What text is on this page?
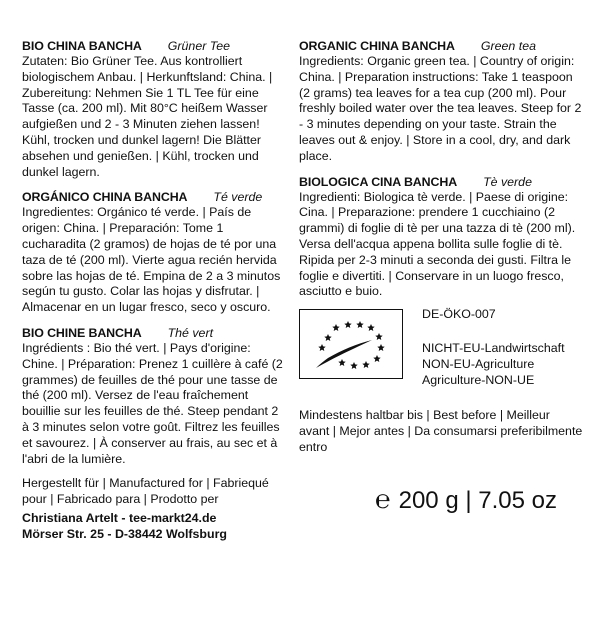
BIO CHINA BANCHA Grüner Tee

Zutaten: Bio Grüner Tee. Aus kontrolliert biologischem Anbau. | Herkunftsland: China. | Zubereitung: Nehmen Sie 1 TL Tee für eine Tasse (ca. 200 ml). Mit 80°C heißem Wasser aufgießen und 2 - 3 Minuten ziehen lassen! Kühl, trocken und dunkel lagern! Die Blätter absehen und genießen. | Kühl, trocken und dunkel lagern.

ORGÁNICO CHINA BANCHA Té verde

Ingredientes: Orgánico té verde. | País de origen: China. | Preparación: Tome 1 cucharadita (2 gramos) de hojas de té por una taza de té (200 ml). Vierte agua recién hervida sobre las hojas de té. Empina de 2 a 3 minutos según tu gusto. Colar las hojas y disfrutar. | Almacenar en un lugar fresco, seco y oscuro.

BIO CHINE BANCHA Thé vert

Ingrédients : Bio thé vert. | Pays d'origine: Chine. | Préparation: Prenez 1 cuillère à café (2 grammes) de feuilles de thé pour une tasse de thé (200 ml). Versez de l'eau fraîchement bouillie sur les feuilles de thé. Steep pendant 2 à 3 minutes selon votre goût. Filtrez les feuilles et savourez. | À conserver au frais, au sec et à l'abri de la lumière.

Hergestellt für | Manufactured for | Fabriequé pour | Fabricado para | Prodotto per

Christiana Artelt - tee-markt24.de

Mörser Str. 25 - D-38442 Wolfsburg

ORGANIC CHINA BANCHA Green tea

Ingredients: Organic green tea. | Country of origin: China. | Preparation instructions: Take 1 teaspoon (2 grams) tea leaves for a tea cup (200 ml). Pour freshly boiled water over the tea leaves. Steep for 2 - 3 minutes depending on your taste. Strain the leaves out & enjoy. | Store in a cool, dry, and dark place.

BIOLOGICA CINA BANCHA Tè verde

Ingredienti: Biologica tè verde. | Paese di origine: Cina. | Preparazione: prendere 1 cucchiaino (2 grammi) di foglie di tè per una tazza di tè (200 ml). Versa dell'acqua appena bollita sulle foglie di tè. Ripida per 2-3 minuti a seconda dei gusti. Filtra le foglie e divertiti. | Conservare in un luogo fresco, asciutto e buio.

DE-ÖKO-007
NICHT-EU-Landwirtschaft
NON-EU-Agriculture
Agriculture-NON-UE

Mindestens haltbar bis | Best before | Meilleur avant | Mejor antes | Da consumarsi preferibilmente entro

℮ 200 g | 7.05 oz
